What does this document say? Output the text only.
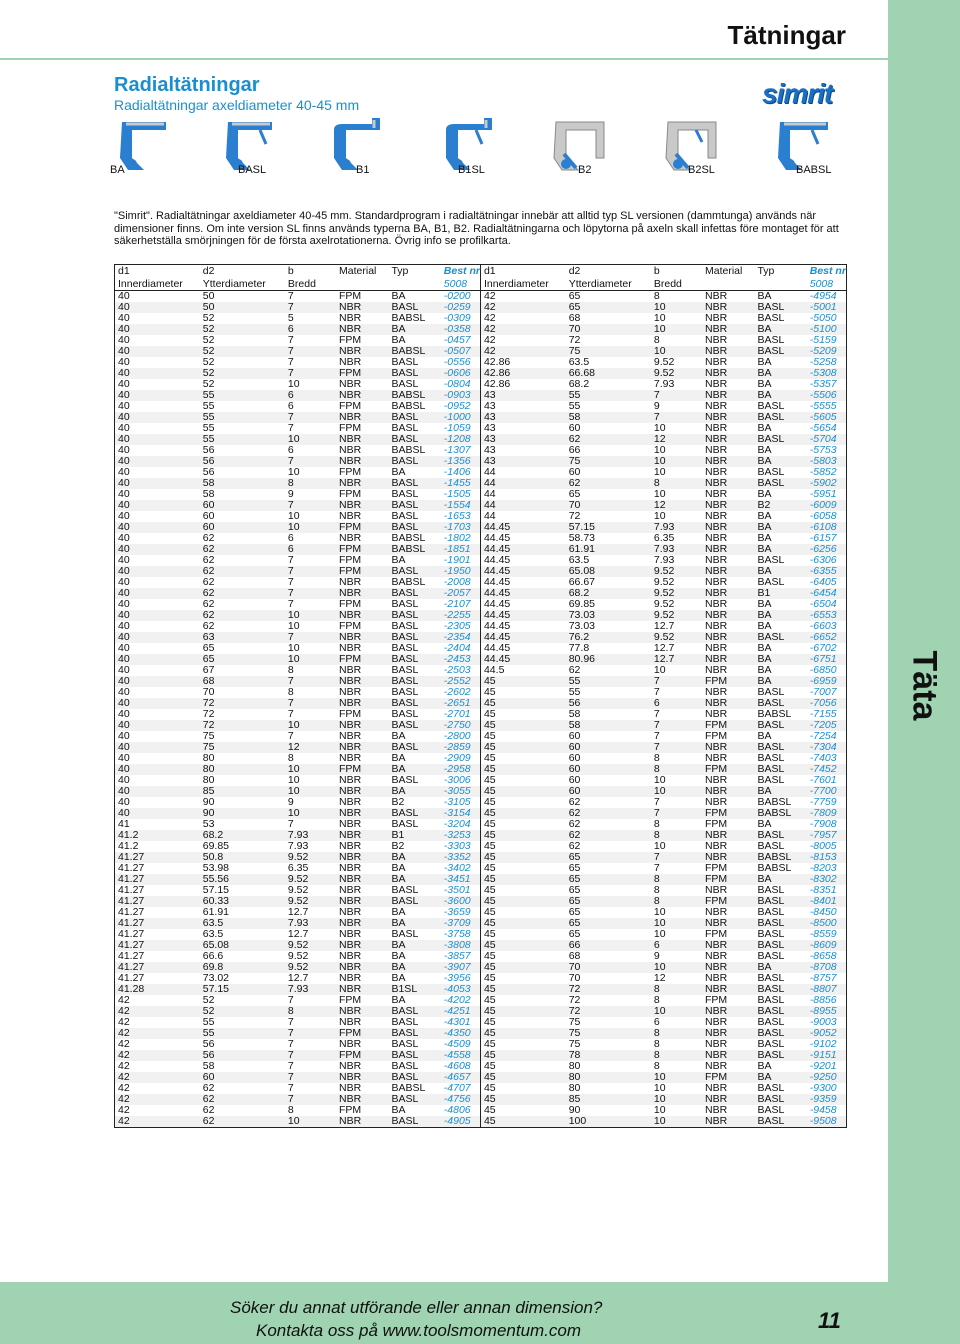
Täta
Tätningar
Radialtätningar
Radialtätningar axeldiameter 40-45 mm	simrit
BA	BASL	B1	B1SL	B2	B2SL	BABSL
"Simrit". Radialtätningar axeldiameter 40-45 mm. Standardprogram i radialtätningar innebär att alltid typ SL versionen (dammtunga) används när dimensioner finns. Om inte version SL finns används typerna BA, B1, B2. Radialtätningarna och löpytorna på axeln skall infettas före montaget för att säkerhetställa smörjningen för de första axelrotationerna. Övrig info se profilkarta.
d1	d2	b	Material	Typ	Best nr	d1	d2	b	Material	Typ	Best nr
Innerdiameter	Ytterdiameter	Bredd			5008	Innerdiameter	Ytterdiameter	Bredd			5008
40	50	7	FPM	BA	-0200	42	65	8	NBR	BA	-4954
40	50	7	NBR	BASL	-0259	42	65	10	NBR	BASL	-5001
40	52	5	NBR	BABSL	-0309	42	68	10	NBR	BASL	-5050
40	52	6	NBR	BA	-0358	42	70	10	NBR	BA	-5100
40	52	7	FPM	BA	-0457	42	72	8	NBR	BASL	-5159
40	52	7	NBR	BABSL	-0507	42	75	10	NBR	BASL	-5209
40	52	7	NBR	BASL	-0556	42.86	63.5	9.52	NBR	BA	-5258
40	52	7	FPM	BASL	-0606	42.86	66.68	9.52	NBR	BA	-5308
40	52	10	NBR	BASL	-0804	42.86	68.2	7.93	NBR	BA	-5357
40	55	6	NBR	BABSL	-0903	43	55	7	NBR	BA	-5506
40	55	6	FPM	BABSL	-0952	43	55	9	NBR	BASL	-5555
40	55	7	NBR	BASL	-1000	43	58	7	NBR	BASL	-5605
40	55	7	FPM	BASL	-1059	43	60	10	NBR	BA	-5654
40	55	10	NBR	BASL	-1208	43	62	12	NBR	BASL	-5704
40	56	6	NBR	BABSL	-1307	43	66	10	NBR	BA	-5753
40	56	7	NBR	BASL	-1356	43	75	10	NBR	BA	-5803
40	56	10	FPM	BA	-1406	44	60	10	NBR	BASL	-5852
40	58	8	NBR	BASL	-1455	44	62	8	NBR	BASL	-5902
40	58	9	FPM	BASL	-1505	44	65	10	NBR	BA	-5951
40	60	7	NBR	BASL	-1554	44	70	12	NBR	B2	-6009
40	60	10	NBR	BASL	-1653	44	72	10	NBR	BA	-6058
40	60	10	FPM	BASL	-1703	44.45	57.15	7.93	NBR	BA	-6108
40	62	6	NBR	BABSL	-1802	44.45	58.73	6.35	NBR	BA	-6157
40	62	6	FPM	BABSL	-1851	44.45	61.91	7.93	NBR	BA	-6256
40	62	7	FPM	BA	-1901	44.45	63.5	7.93	NBR	BASL	-6306
40	62	7	FPM	BASL	-1950	44.45	65.08	9.52	NBR	BA	-6355
40	62	7	NBR	BABSL	-2008	44.45	66.67	9.52	NBR	BASL	-6405
40	62	7	NBR	BASL	-2057	44.45	68.2	9.52	NBR	B1	-6454
40	62	7	FPM	BASL	-2107	44.45	69.85	9.52	NBR	BA	-6504
40	62	10	NBR	BASL	-2255	44.45	73.03	9.52	NBR	BA	-6553
40	62	10	FPM	BASL	-2305	44.45	73.03	12.7	NBR	BA	-6603
40	63	7	NBR	BASL	-2354	44.45	76.2	9.52	NBR	BASL	-6652
40	65	10	NBR	BASL	-2404	44.45	77.8	12.7	NBR	BA	-6702
40	65	10	FPM	BASL	-2453	44.45	80.96	12.7	NBR	BA	-6751
40	67	8	NBR	BASL	-2503	44.5	62	10	NBR	BA	-6850
40	68	7	NBR	BASL	-2552	45	55	7	FPM	BA	-6959
40	70	8	NBR	BASL	-2602	45	55	7	NBR	BASL	-7007
40	72	7	NBR	BASL	-2651	45	56	6	NBR	BASL	-7056
40	72	7	FPM	BASL	-2701	45	58	7	NBR	BABSL	-7155
40	72	10	NBR	BASL	-2750	45	58	7	FPM	BASL	-7205
40	75	7	NBR	BA	-2800	45	60	7	FPM	BA	-7254
40	75	12	NBR	BASL	-2859	45	60	7	NBR	BASL	-7304
40	80	8	NBR	BA	-2909	45	60	8	NBR	BASL	-7403
40	80	10	FPM	BA	-2958	45	60	8	FPM	BASL	-7452
40	80	10	NBR	BASL	-3006	45	60	10	NBR	BASL	-7601
40	85	10	NBR	BA	-3055	45	60	10	NBR	BA	-7700
40	90	9	NBR	B2	-3105	45	62	7	NBR	BABSL	-7759
40	90	10	NBR	BASL	-3154	45	62	7	FPM	BABSL	-7809
41	53	7	NBR	BASL	-3204	45	62	8	FPM	BA	-7908
41.2	68.2	7.93	NBR	B1	-3253	45	62	8	NBR	BASL	-7957
41.2	69.85	7.93	NBR	B2	-3303	45	62	10	NBR	BASL	-8005
41.27	50.8	9.52	NBR	BA	-3352	45	65	7	NBR	BABSL	-8153
41.27	53.98	6.35	NBR	BA	-3402	45	65	7	FPM	BABSL	-8203
41.27	55.56	9.52	NBR	BA	-3451	45	65	8	FPM	BA	-8302
41.27	57.15	9.52	NBR	BASL	-3501	45	65	8	NBR	BASL	-8351
41.27	60.33	9.52	NBR	BASL	-3600	45	65	8	FPM	BASL	-8401
41.27	61.91	12.7	NBR	BA	-3659	45	65	10	NBR	BASL	-8450
41.27	63.5	7.93	NBR	BA	-3709	45	65	10	NBR	BASL	-8500
41.27	63.5	12.7	NBR	BASL	-3758	45	65	10	FPM	BASL	-8559
41.27	65.08	9.52	NBR	BA	-3808	45	66	6	NBR	BASL	-8609
41.27	66.6	9.52	NBR	BA	-3857	45	68	9	NBR	BASL	-8658
41.27	69.8	9.52	NBR	BA	-3907	45	70	10	NBR	BA	-8708
41.27	73.02	12.7	NBR	BA	-3956	45	70	12	NBR	BASL	-8757
41.28	57.15	7.93	NBR	B1SL	-4053	45	72	8	NBR	BASL	-8807
42	52	7	FPM	BA	-4202	45	72	8	FPM	BASL	-8856
42	52	8	NBR	BASL	-4251	45	72	10	NBR	BASL	-8955
42	55	7	NBR	BASL	-4301	45	75	6	NBR	BASL	-9003
42	55	7	FPM	BASL	-4350	45	75	8	NBR	BASL	-9052
42	56	7	NBR	BASL	-4509	45	75	8	NBR	BASL	-9102
42	56	7	FPM	BASL	-4558	45	78	8	NBR	BASL	-9151
42	58	7	NBR	BASL	-4608	45	80	8	NBR	BA	-9201
42	60	7	NBR	BASL	-4657	45	80	10	FPM	BA	-9250
42	62	7	NBR	BABSL	-4707	45	80	10	NBR	BASL	-9300
42	62	7	NBR	BASL	-4756	45	85	10	NBR	BASL	-9359
42	62	8	FPM	BA	-4806	45	90	10	NBR	BASL	-9458
42	62	10	NBR	BASL	-4905	45	100	10	NBR	BASL	-9508
Söker du annat utförande eller annan dimension?
Kontakta oss på www.toolsmomentum.com	11
